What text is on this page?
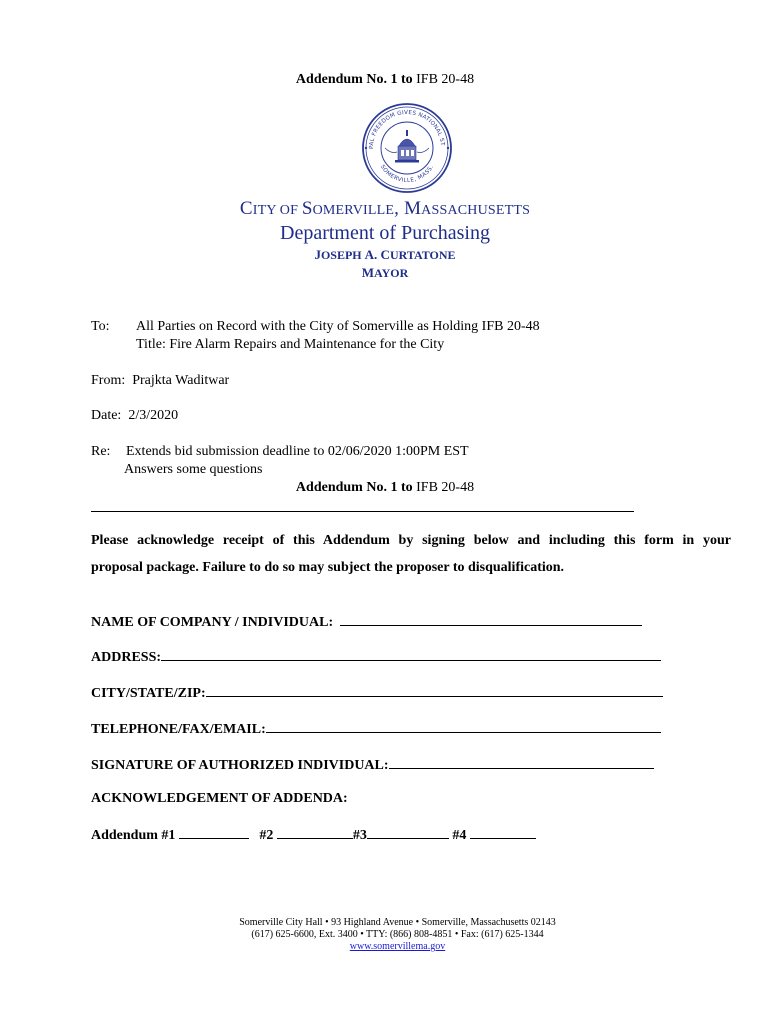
Addendum No. 1 to IFB 20-48
PAL FREEDOM GIVES NATIONAL ST
SOMERVILLE, MASS.
CITY OF SOMERVILLE, MASSACHUSETTS
Department of Purchasing
JOSEPH A. CURTATONE
MAYOR
To: All Parties on Record with the City of Somerville as Holding IFB 20-48
Title: Fire Alarm Repairs and Maintenance for the City
From: Prajkta Waditwar
Date: 2/3/2020
Re: Extends bid submission deadline to 02/06/2020 1:00PM EST
Answers some questions
Addendum No. 1 to IFB 20-48
Please acknowledge receipt of this Addendum by signing below and including this form in your
proposal package. Failure to do so may subject the proposer to disqualification.
NAME OF COMPANY / INDIVIDUAL:
ADDRESS:
CITY/STATE/ZIP:
TELEPHONE/FAX/EMAIL:
SIGNATURE OF AUTHORIZED INDIVIDUAL:
ACKNOWLEDGEMENT OF ADDENDA:
Addendum #1	#2	#3	#4
Somerville City Hall • 93 Highland Avenue • Somerville, Massachusetts 02143
(617) 625-6600, Ext. 3400 • TTY: (866) 808-4851 • Fax: (617) 625-1344
www.somervillema.gov
